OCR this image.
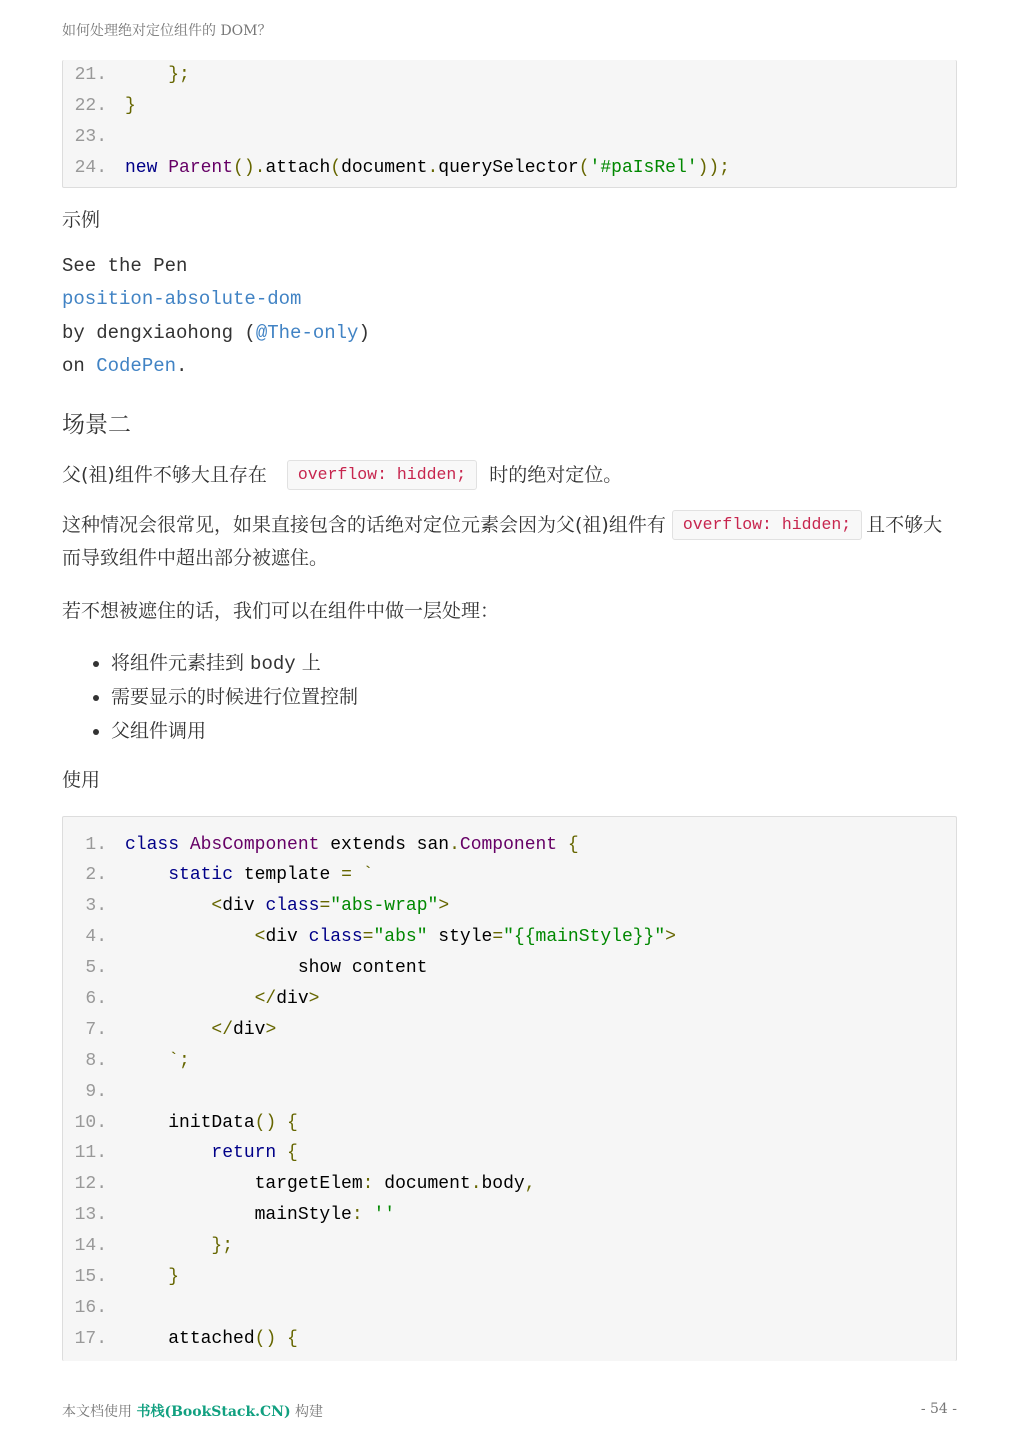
如何处理绝对定位组件的 DOM？
21.	};
22.	}
23.
24.	new Parent().attach(document.querySelector('#paIsRel'));

示例

See the Pen
position-absolute-dom
by dengxiaohong (@The-only)
on CodePen.
场景二

父(祖)组件不够大且存在 overflow: hidden; 时的绝对定位。

这种情况会很常见，如果直接包含的话绝对定位元素会因为父(祖)组件有 overflow: hidden; 且不够大而导致组件中超出部分被遮住。

若不想被遮住的话，我们可以在组件中做一层处理：

• 将组件元素挂到 body 上
• 需要显示的时候进行位置控制
• 父组件调用

使用

1.	class AbsComponent extends san.Component {
2.	static template = `
3.	<div class="abs-wrap">
4.	<div class="abs" style="{{mainStyle}}">
5.	show content
6.	</div>
7.	</div>
8.	`;
9.
10.	initData() {
11.	return {
12.	targetElem: document.body,
13.	mainStyle: ''
14.	};
15.	}
16.
17.	attached() {
本文档使用 书栈(BookStack.CN) 构建	- 54 -
